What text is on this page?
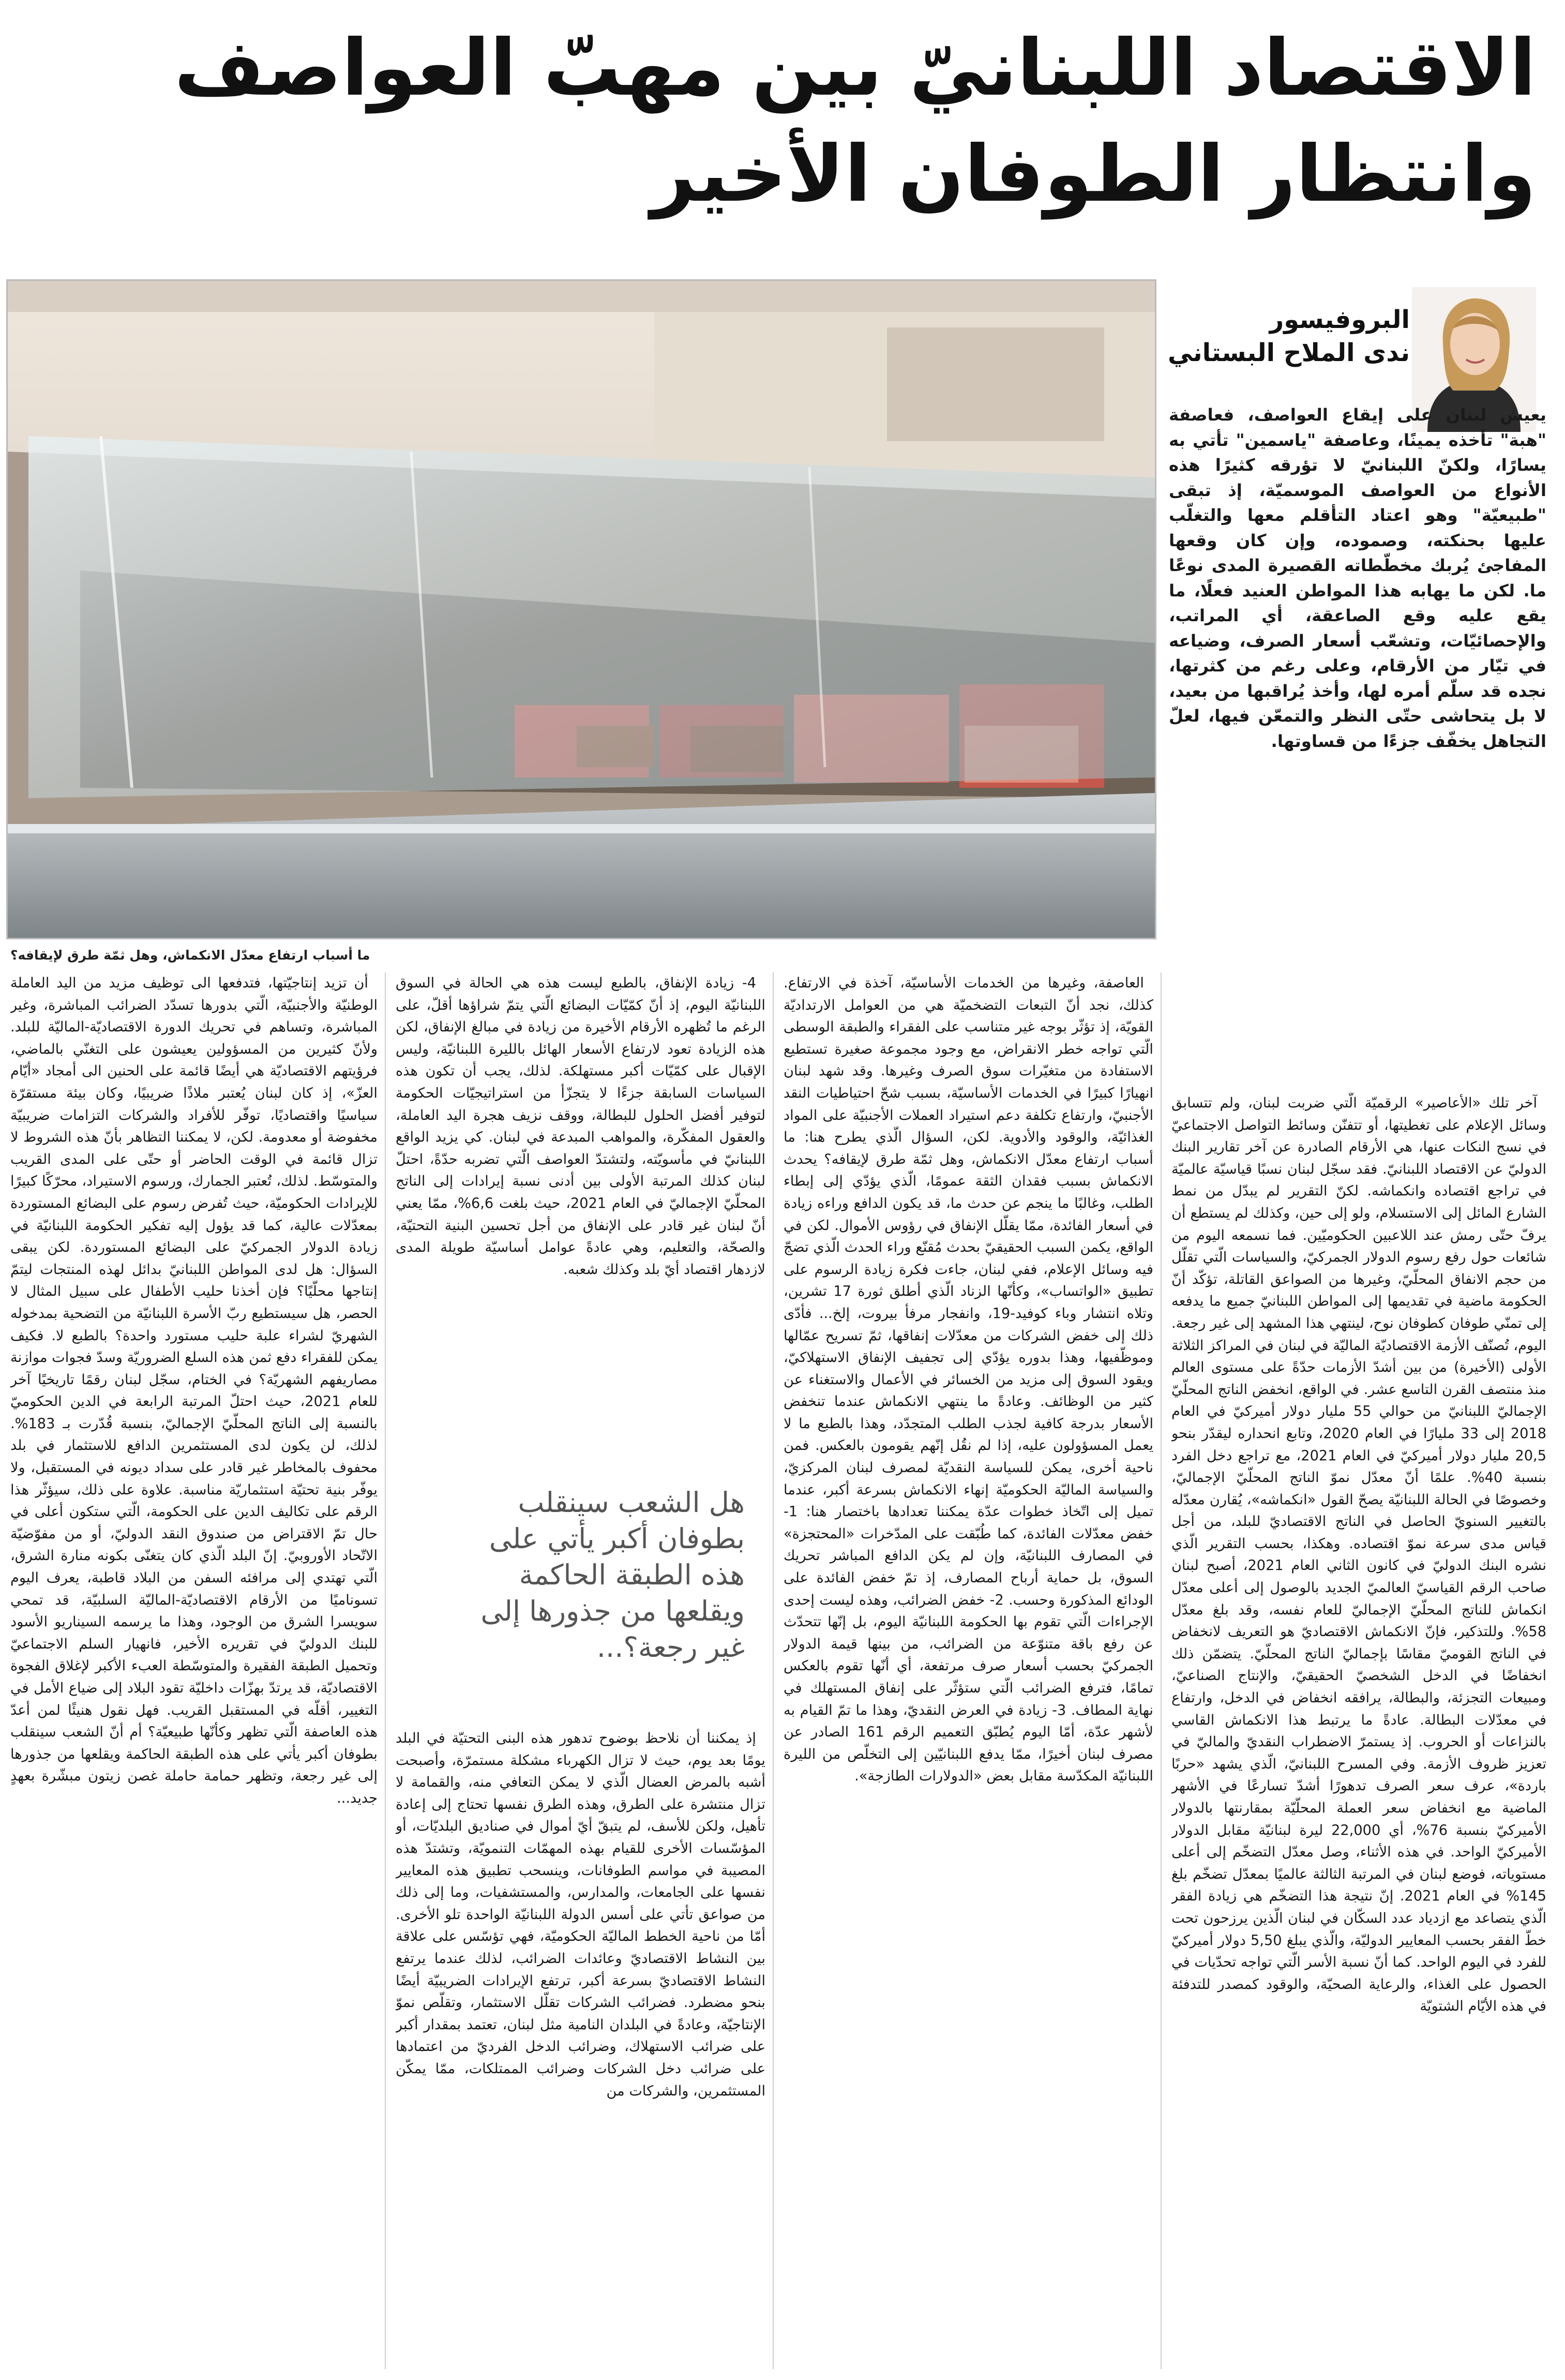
الاقتصاد اللبنانيّ بين مهبّ العواصف
وانتظار الطوفان الأخير
ما أسباب ارتفاع معدّل الانكماش، وهل ثمّة طرق لإيقافه؟
البروفيسور
ندى الملاح البستاني
يعيش لبنان على إيقاع العواصف، فعاصفة "هبة" تأخذه يمينًا، وعاصفة "ياسمين" تأتي به يسارًا، ولكنّ اللبنانيّ لا تؤرقه كثيرًا هذه الأنواع من العواصف الموسميّة، إذ تبقى "طبيعيّة" وهو اعتاد التأقلم معها والتغلّب عليها بحنكته، وصموده، وإن كان وقعها المفاجئ يُربك مخطّطاته القصيرة المدى نوعًا ما. لكن ما يهابه هذا المواطن العنيد فعلًا، ما يقع عليه وقع الصاعقة، أي المراتب، والإحصائيّات، وتشعّب أسعار الصرف، وضياعه في تيّار من الأرقام، وعلى رغم من كثرتها، نجده قد سلّم أمره لها، وأخذ يُراقبها من بعيد، لا بل يتحاشى حتّى النظر والتمعّن فيها، لعلّ التجاهل يخفّف جزءًا من قساوتها.

آخر تلك «الأعاصير» الرقميّة الّتي ضربت لبنان، ولم تتسابق وسائل الإعلام على تغطيتها، أو تتفنّن وسائط التواصل الاجتماعيّ في نسج النكات عنها، هي الأرقام الصادرة عن آخر تقارير البنك الدوليّ عن الاقتصاد اللبنانيّ. فقد سجّل لبنان نسبًا قياسيّة عالميّة في تراجع اقتصاده وانكماشه. لكنّ التقرير لم يبدّل من نمط الشارع المائل إلى الاستسلام، ولو إلى حين، وكذلك لم يستطع أن يرفّ حتّى رمش عند اللاعبين الحكوميّين. فما نسمعه اليوم من شائعات حول رفع رسوم الدولار الجمركيّ، والسياسات الّتي تقلّل من حجم الانفاق المحلّيّ، وغيرها من الصواعق القاتلة، تؤكّد أنّ الحكومة ماضية في تقديمها إلى المواطن اللبنانيّ جميع ما يدفعه إلى تمنّي طوفان كطوفان نوح، لينتهي هذا المشهد إلى غير رجعة. اليوم، تُصنّف الأزمة الاقتصاديّة الماليّة في لبنان في المراكز الثلاثة الأولى (الأخيرة) من بين أشدّ الأزمات حدّةً على مستوى العالم منذ منتصف القرن التاسع عشر. في الواقع، انخفض الناتج المحلّيّ الإجماليّ اللبنانيّ من حوالي 55 مليار دولار أميركيّ في العام 2018 إلى 33 مليارًا في العام 2020، وتابع انحداره ليقدّر بنحو 20,5 مليار دولار أميركيّ في العام 2021، مع تراجع دخل الفرد بنسبة 40%. علمًا أنّ معدّل نموّ الناتج المحلّيّ الإجماليّ، وخصوصًا في الحالة اللبنانيّة يصحّ القول «انكماشه»، يُقارن معدّله بالتغيير السنويّ الحاصل في الناتج الاقتصاديّ للبلد، من أجل قياس مدى سرعة نموّ اقتصاده. وهكذا، بحسب التقرير الّذي نشره البنك الدوليّ في كانون الثاني العام 2021، أصبح لبنان صاحب الرقم القياسيّ العالميّ الجديد بالوصول إلى أعلى معدّل انكماش للناتج المحلّيّ الإجماليّ للعام نفسه، وقد بلغ معدّل 58%. وللتذكير، فإنّ الانكماش الاقتصاديّ هو التعريف لانخفاض في الناتج القوميّ مقاسًا بإجماليّ الناتج المحلّيّ. يتضمّن ذلك انخفاضًا في الدخل الشخصيّ الحقيقيّ، والإنتاج الصناعيّ، ومبيعات التجزئة، والبطالة، يرافقه انخفاض في الدخل، وارتفاع في معدّلات البطالة. عادةً ما يرتبط هذا الانكماش القاسي بالنزاعات أو الحروب. إذ يستمرّ الاضطراب النقديّ والماليّ في تعزيز ظروف الأزمة. وفي المسرح اللبنانيّ، الّذي يشهد «حربًا باردة»، عرف سعر الصرف تدهورًا أشدّ تسارعًا في الأشهر الماضية مع انخفاض سعر العملة المحلّيّة بمقارنتها بالدولار الأميركيّ بنسبة 76%، أي 22,000 ليرة لبنانيّة مقابل الدولار الأميركيّ الواحد. في هذه الأثناء، وصل معدّل التضخّم إلى أعلى مستوياته، فوضع لبنان في المرتبة الثالثة عالميًا بمعدّل تضخّم بلغ 145% في العام 2021. إنّ نتيجة هذا التضخّم هي زيادة الفقر الّذي يتصاعد مع ازدياد عدد السكّان في لبنان الّذين يرزحون تحت خطّ الفقر بحسب المعايير الدوليّة، والّذي يبلغ 5,50 دولار أميركيّ للفرد في اليوم الواحد. كما أنّ نسبة الأسر الّتي تواجه تحدّيات في الحصول على الغذاء، والرعاية الصحيّة، والوقود كمصدر للتدفئة في هذه الأيّام الشتويّة

العاصفة، وغيرها من الخدمات الأساسيّة، آخذة في الارتفاع. كذلك، نجد أنّ التبعات التضخميّة هي من العوامل الارتداديّة القويّة، إذ تؤثّر بوجه غير متناسب على الفقراء والطبقة الوسطى الّتي تواجه خطر الانقراض، مع وجود مجموعة صغيرة تستطيع الاستفادة من متغيّرات سوق الصرف وغيرها. وقد شهد لبنان انهيارًا كبيرًا في الخدمات الأساسيّة، بسبب شحّ احتياطيات النقد الأجنبيّ، وارتفاع تكلفة دعم استيراد العملات الأجنبيّة على المواد الغذائيّة، والوقود والأدوية. لكن، السؤال الّذي يطرح هنا: ما أسباب ارتفاع معدّل الانكماش، وهل ثمّة طرق لإيقافه؟ يحدث الانكماش بسبب فقدان الثقة عمومًا، الّذي يؤدّي إلى إبطاء الطلب، وغالبًا ما ينجم عن حدث ما، قد يكون الدافع وراءه زيادة في أسعار الفائدة، ممّا يقلّل الإنفاق في رؤوس الأموال. لكن في الواقع، يكمن السبب الحقيقيّ بحدث مُقنّع وراء الحدث الّذي تضجّ فيه وسائل الإعلام، ففي لبنان، جاءت فكرة زيادة الرسوم على تطبيق «الواتساب»، وكأنّها الزناد الّذي أطلق ثورة 17 تشرين، وتلاه انتشار وباء كوفيد-19، وانفجار مرفأ بيروت، إلخ... فأدّى ذلك إلى خفض الشركات من معدّلات إنفاقها، ثمّ تسريح عمّالها وموظّفيها، وهذا بدوره يؤدّي إلى تجفيف الإنفاق الاستهلاكيّ، ويقود السوق إلى مزيد من الخسائر في الأعمال والاستغناء عن كثير من الوظائف. وعادةً ما ينتهي الانكماش عندما تنخفض الأسعار بدرجة كافية لجذب الطلب المتجدّد، وهذا بالطبع ما لا يعمل المسؤولون عليه، إذا لم نقُل إنّهم يقومون بالعكس. فمن ناحية أخرى، يمكن للسياسة النقديّة لمصرف لبنان المركزيّ، والسياسة الماليّة الحكوميّة إنهاء الانكماش بسرعة أكبر، عندما تميل إلى اتّخاذ خطوات عدّة يمكننا تعدادها باختصار هنا: 1- خفض معدّلات الفائدة، كما طُبّقت على المدّخرات «المحتجزة» في المصارف اللبنانيّة، وإن لم يكن الدافع المباشر تحريك السوق، بل حماية أرباح المصارف، إذ تمّ خفض الفائدة على الودائع المذكورة وحسب. 2- خفض الضرائب، وهذه ليست إحدى الإجراءات الّتي تقوم بها الحكومة اللبنانيّة اليوم، بل إنّها تتحدّث عن رفع باقة متنوّعة من الضرائب، من بينها قيمة الدولار الجمركيّ بحسب أسعار صرف مرتفعة، أي أنّها تقوم بالعكس تمامًا، فترفع الضرائب الّتي ستؤثّر على إنفاق المستهلك في نهاية المطاف. 3- زيادة في العرض النقديّ، وهذا ما تمّ القيام به لأشهر عدّة، أمّا اليوم يُطبّق التعميم الرقم 161 الصادر عن مصرف لبنان أخيرًا، ممّا يدفع اللبنانيّين إلى التخلّص من الليرة اللبنانيّة المكدّسة مقابل بعض «الدولارات الطازجة».

4- زيادة الإنفاق، بالطبع ليست هذه هي الحالة في السوق اللبنانيّة اليوم، إذ أنّ كمّيّات البضائع الّتي يتمّ شراؤها أقلّ، على الرغم ما تُظهره الأرقام الأخيرة من زيادة في مبالغ الإنفاق، لكن هذه الزيادة تعود لارتفاع الأسعار الهائل بالليرة اللبنانيّة، وليس الإقبال على كمّيّات أكبر مستهلكة. لذلك، يجب أن تكون هذه السياسات السابقة جزءًا لا يتجزّأ من استراتيجيّات الحكومة لتوفير أفضل الحلول للبطالة، ووقف نزيف هجرة اليد العاملة، والعقول المفكّرة، والمواهب المبدعة في لبنان. كي يزيد الواقع اللبنانيّ في مأسويّته، ولتشتدّ العواصف الّتي تضربه حدّةً، احتلّ لبنان كذلك المرتبة الأولى بين أدنى نسبة إيرادات إلى الناتج المحلّيّ الإجماليّ في العام 2021، حيث بلغت 6,6%، ممّا يعني أنّ لبنان غير قادر على الإنفاق من أجل تحسين البنية التحتيّة، والصحّة، والتعليم، وهي عادةً عوامل أساسيّة طويلة المدى لازدهار اقتصاد أيّ بلد وكذلك شعبه.

هل الشعب سينقلب بطوفان أكبر يأتي على هذه الطبقة الحاكمة ويقلعها من جذورها إلى غير رجعة؟...

إذ يمكننا أن نلاحظ بوضوح تدهور هذه البنى التحتيّة في البلد يومًا بعد يوم، حيث لا تزال الكهرباء مشكلة مستمرّة، وأصبحت أشبه بالمرض العضال الّذي لا يمكن التعافي منه، والقمامة لا تزال منتشرة على الطرق، وهذه الطرق نفسها تحتاج إلى إعادة تأهيل، ولكن للأسف، لم يتبقّ أيّ أموال في صناديق البلديّات، أو المؤسّسات الأخرى للقيام بهذه المهمّات التنمويّة، وتشتدّ هذه المصيبة في مواسم الطوفانات، وينسحب تطبيق هذه المعايير نفسها على الجامعات، والمدارس، والمستشفيات، وما إلى ذلك من صواعق تأتي على أسس الدولة اللبنانيّة الواحدة تلو الأخرى. أمّا من ناحية الخطط الماليّة الحكوميّة، فهي تؤسّس على علاقة بين النشاط الاقتصاديّ وعائدات الضرائب، لذلك عندما يرتفع النشاط الاقتصاديّ بسرعة أكبر، ترتفع الإيرادات الضريبيّة أيضًا بنحو مضطرد. فضرائب الشركات تقلّل الاستثمار، وتقلّص نموّ الإنتاجيّة، وعادةً في البلدان النامية مثل لبنان، تعتمد بمقدار أكبر على ضرائب الاستهلاك، وضرائب الدخل الفرديّ من اعتمادها على ضرائب دخل الشركات وضرائب الممتلكات، ممّا يمكّن المستثمرين، والشركات من

أن تزيد إنتاجيّتها، فتدفعها الى توظيف مزيد من اليد العاملة الوطنيّة والأجنبيّة، الّتي بدورها تسدّد الضرائب المباشرة، وغير المباشرة، وتساهم في تحريك الدورة الاقتصاديّة-الماليّة للبلد. ولأنّ كثيرين من المسؤولين يعيشون على التغنّي بالماضي، فرؤيتهم الاقتصاديّة هي أيضًا قائمة على الحنين الى أمجاد «أيّام العزّ»، إذ كان لبنان يُعتبر ملاذًا ضريبيًا، وكان بيئة مستقرّة سياسيًا واقتصاديًا، توفّر للأفراد والشركات التزامات ضريبيّة مخفوضة أو معدومة. لكن، لا يمكننا التظاهر بأنّ هذه الشروط لا تزال قائمة في الوقت الحاضر أو حتّى على المدى القريب والمتوسّط. لذلك، تُعتبر الجمارك، ورسوم الاستيراد، محرّكًا كبيرًا للإيرادات الحكوميّة، حيث تُفرض رسوم على البضائع المستوردة بمعدّلات عالية، كما قد يؤول إليه تفكير الحكومة اللبنانيّة في زيادة الدولار الجمركيّ على البضائع المستوردة. لكن يبقى السؤال: هل لدى المواطن اللبنانيّ بدائل لهذه المنتجات ليتمّ إنتاجها محلّيًا؟ فإن أخذنا حليب الأطفال على سبيل المثال لا الحصر، هل سيستطيع ربّ الأسرة اللبنانيّة من التضحية بمدخوله الشهريّ لشراء علبة حليب مستورد واحدة؟ بالطبع لا. فكيف يمكن للفقراء دفع ثمن هذه السلع الضروريّة وسدّ فجوات موازنة مصاريفهم الشهريّة؟ في الختام، سجّل لبنان رقمًا تاريخيًا آخر للعام 2021، حيث احتلّ المرتبة الرابعة في الدين الحكوميّ بالنسبة إلى الناتج المحلّيّ الإجماليّ، بنسبة قُدّرت بـ 183%. لذلك، لن يكون لدى المستثمرين الدافع للاستثمار في بلد محفوف بالمخاطر غير قادر على سداد ديونه في المستقبل، ولا يوفّر بنية تحتيّة استثماريّة مناسبة. علاوة على ذلك، سيؤثّر هذا الرقم على تكاليف الدين على الحكومة، الّتي ستكون أعلى في حال تمّ الاقتراض من صندوق النقد الدوليّ، أو من مفوّضيّة الاتّحاد الأوروبيّ. إنّ البلد الّذي كان يتغنّى بكونه منارة الشرق، الّتي تهتدي إلى مرافئه السفن من البلاد قاطبة، يعرف اليوم تسوناميًا من الأرقام الاقتصاديّة-الماليّة السلبيّة، قد تمحي سويسرا الشرق من الوجود، وهذا ما يرسمه السيناريو الأسود للبنك الدوليّ في تقريره الأخير، فانهيار السلم الاجتماعيّ وتحميل الطبقة الفقيرة والمتوسّطة العبء الأكبر لإغلاق الفجوة الاقتصاديّة، قد يرتدّ بهزّات داخليّة تقود البلاد إلى ضياع الأمل في التغيير، أقلّه في المستقبل القريب. فهل نقول هنيئًا لمن أعدّ هذه العاصفة الّتي تظهر وكأنّها طبيعيّة؟ أم أنّ الشعب سينقلب بطوفان أكبر يأتي على هذه الطبقة الحاكمة ويقلعها من جذورها إلى غير رجعة، وتظهر حمامة حاملة غصن زيتون مبشّرة بعهدٍ جديد...
